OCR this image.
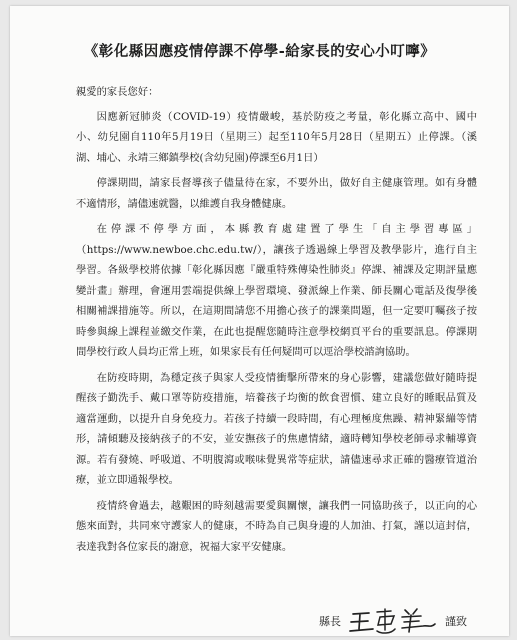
《彰化縣因應疫情停課不停學-給家長的安心小叮嚀》

親愛的家長您好：

因應新冠肺炎（COVID-19）疫情嚴峻，基於防疫之考量，彰化縣立高中、國中小、幼兒園自110年5月19日（星期三）起至110年5月28日（星期五）止停課。（溪湖、埔心、永靖三鄉鎮學校(含幼兒園)停課至6月1日）

停課期間，請家長督導孩子儘量待在家，不要外出，做好自主健康管理。如有身體不適情形，請儘速就醫，以維護自我身體健康。

在停課不停學方面，本縣教育處建置了學生「自主學習專區」（https://www.newboe.chc.edu.tw/），讓孩子透過線上學習及教學影片，進行自主學習。各級學校將依據「彰化縣因應『嚴重特殊傳染性肺炎』停課、補課及定期評量應變計畫」辦理，會運用雲端提供線上學習環境、發派線上作業、師長關心電話及復學後相關補課措施等。所以，在這期間請您不用擔心孩子的課業問題，但一定要叮囑孩子按時參與線上課程並繳交作業，在此也提醒您隨時注意學校網頁平台的重要訊息。停課期間學校行政人員均正常上班，如果家長有任何疑問可以逕洽學校諮詢協助。

在防疫時期，為穩定孩子與家人受疫情衝擊所帶來的身心影響，建議您做好隨時提醒孩子勤洗手、戴口罩等防疫措施，培養孩子均衡的飲食習慣、建立良好的睡眠品質及適當運動，以提升自身免疫力。若孩子持續一段時間，有心理極度焦躁、精神緊繃等情形，請傾聽及接納孩子的不安，並安撫孩子的焦慮情緒，適時轉知學校老師尋求輔導資源。若有發燒、呼吸道、不明腹瀉或喉味覺異常等症狀，請儘速尋求正確的醫療管道治療，並立即通報學校。

疫情終會過去，越艱困的時刻越需要愛與關懷，讓我們一同協助孩子，以正向的心態來面對，共同來守護家人的健康，不時為自己與身邊的人加油、打氣，謹以這封信，表達我對各位家長的謝意，祝福大家平安健康。

縣長	謹致
